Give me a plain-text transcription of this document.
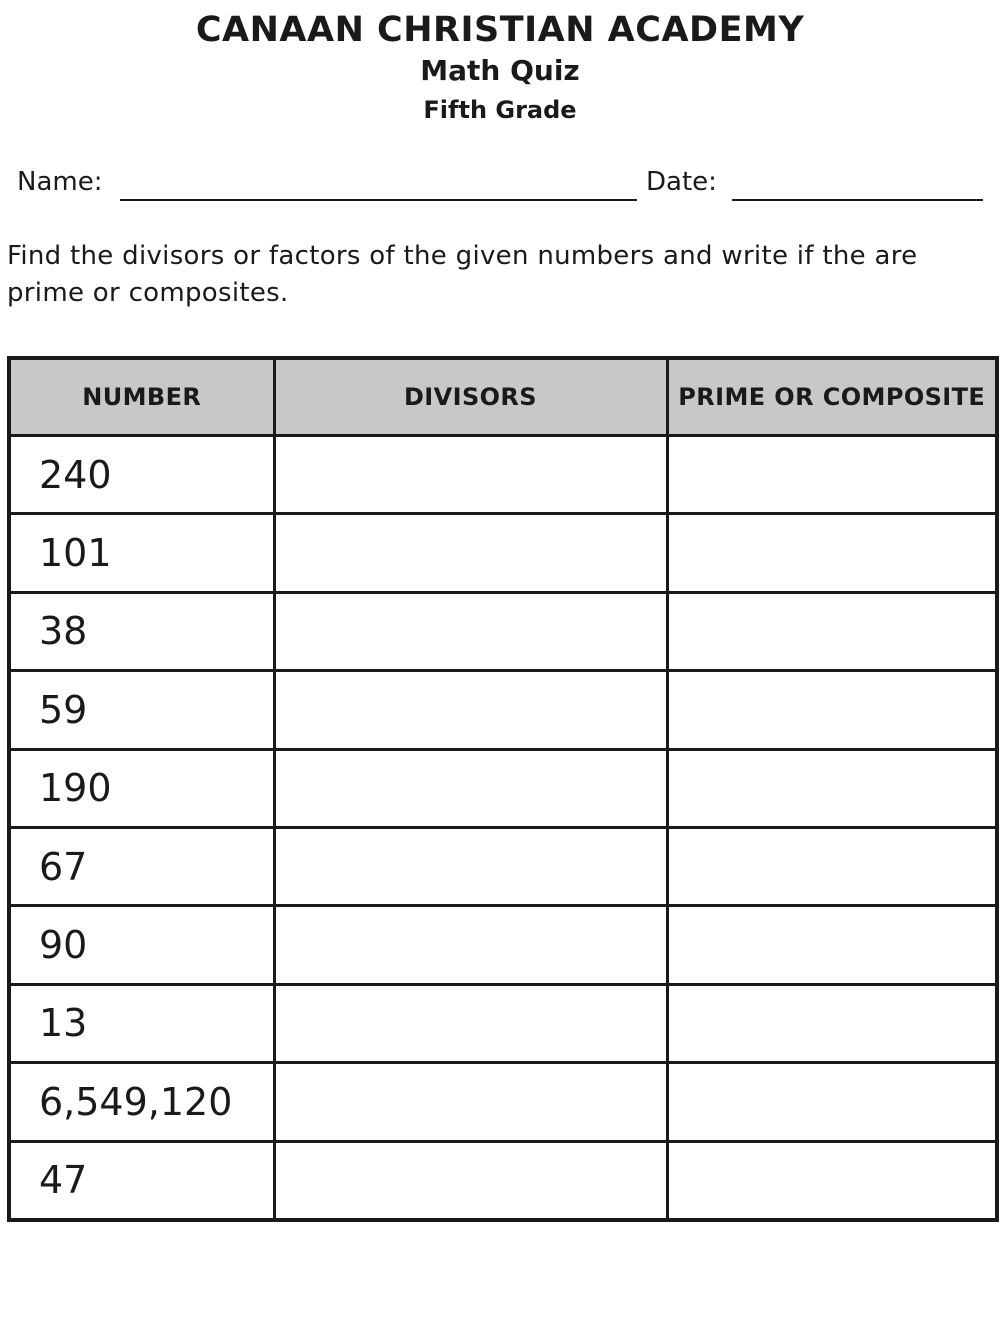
CANAAN CHRISTIAN ACADEMY
Math Quiz
Fifth Grade
Name:	Date:
Find the divisors or factors of the given numbers and write if the are prime or composites.
NUMBER	DIVISORS	PRIME OR COMPOSITE
240		
101		
38		
59		
190		
67		
90		
13		
6,549,120		
47		
